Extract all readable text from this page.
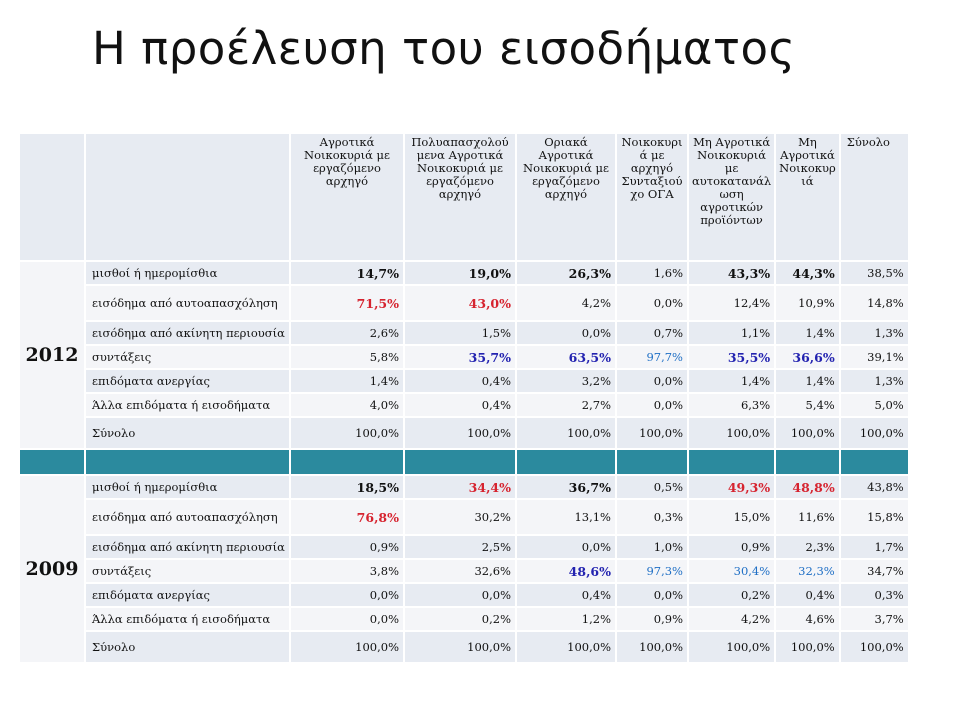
Η προέλευση του εισοδήματος
		Αγροτικά Νοικοκυριά με εργαζόμενο αρχηγό	Πολυαπασχολού μενα Αγροτικά Νοικοκυριά με εργαζόμενο αρχηγό	Οριακά Αγροτικά Νοικοκυριά με εργαζόμενο αρχηγό	Νοικοκυρι ά με αρχηγό Συνταξιού χο ΟΓΑ	Μη Αγροτικά Νοικοκυριά με αυτοκατανάλ ωση αγροτικών προϊόντων	Μη Αγροτικά Νοικοκυρ ιά	Σύνολο
2012	μισθοί ή ημερομίσθια	14,7%	19,0%	26,3%	1,6%	43,3%	44,3%	38,5%
	εισόδημα από αυτοαπασχόληση	71,5%	43,0%	4,2%	0,0%	12,4%	10,9%	14,8%
	εισόδημα από ακίνητη περιουσία	2,6%	1,5%	0,0%	0,7%	1,1%	1,4%	1,3%
	συντάξεις	5,8%	35,7%	63,5%	97,7%	35,5%	36,6%	39,1%
	επιδόματα ανεργίας	1,4%	0,4%	3,2%	0,0%	1,4%	1,4%	1,3%
	Άλλα επιδόματα ή εισοδήματα	4,0%	0,4%	2,7%	0,0%	6,3%	5,4%	5,0%
	Σύνολο	100,0%	100,0%	100,0%	100,0%	100,0%	100,0%	100,0%

2009	μισθοί ή ημερομίσθια	18,5%	34,4%	36,7%	0,5%	49,3%	48,8%	43,8%
	εισόδημα από αυτοαπασχόληση	76,8%	30,2%	13,1%	0,3%	15,0%	11,6%	15,8%
	εισόδημα από ακίνητη περιουσία	0,9%	2,5%	0,0%	1,0%	0,9%	2,3%	1,7%
	συντάξεις	3,8%	32,6%	48,6%	97,3%	30,4%	32,3%	34,7%
	επιδόματα ανεργίας	0,0%	0,0%	0,4%	0,0%	0,2%	0,4%	0,3%
	Άλλα επιδόματα ή εισοδήματα	0,0%	0,2%	1,2%	0,9%	4,2%	4,6%	3,7%
	Σύνολο	100,0%	100,0%	100,0%	100,0%	100,0%	100,0%	100,0%
